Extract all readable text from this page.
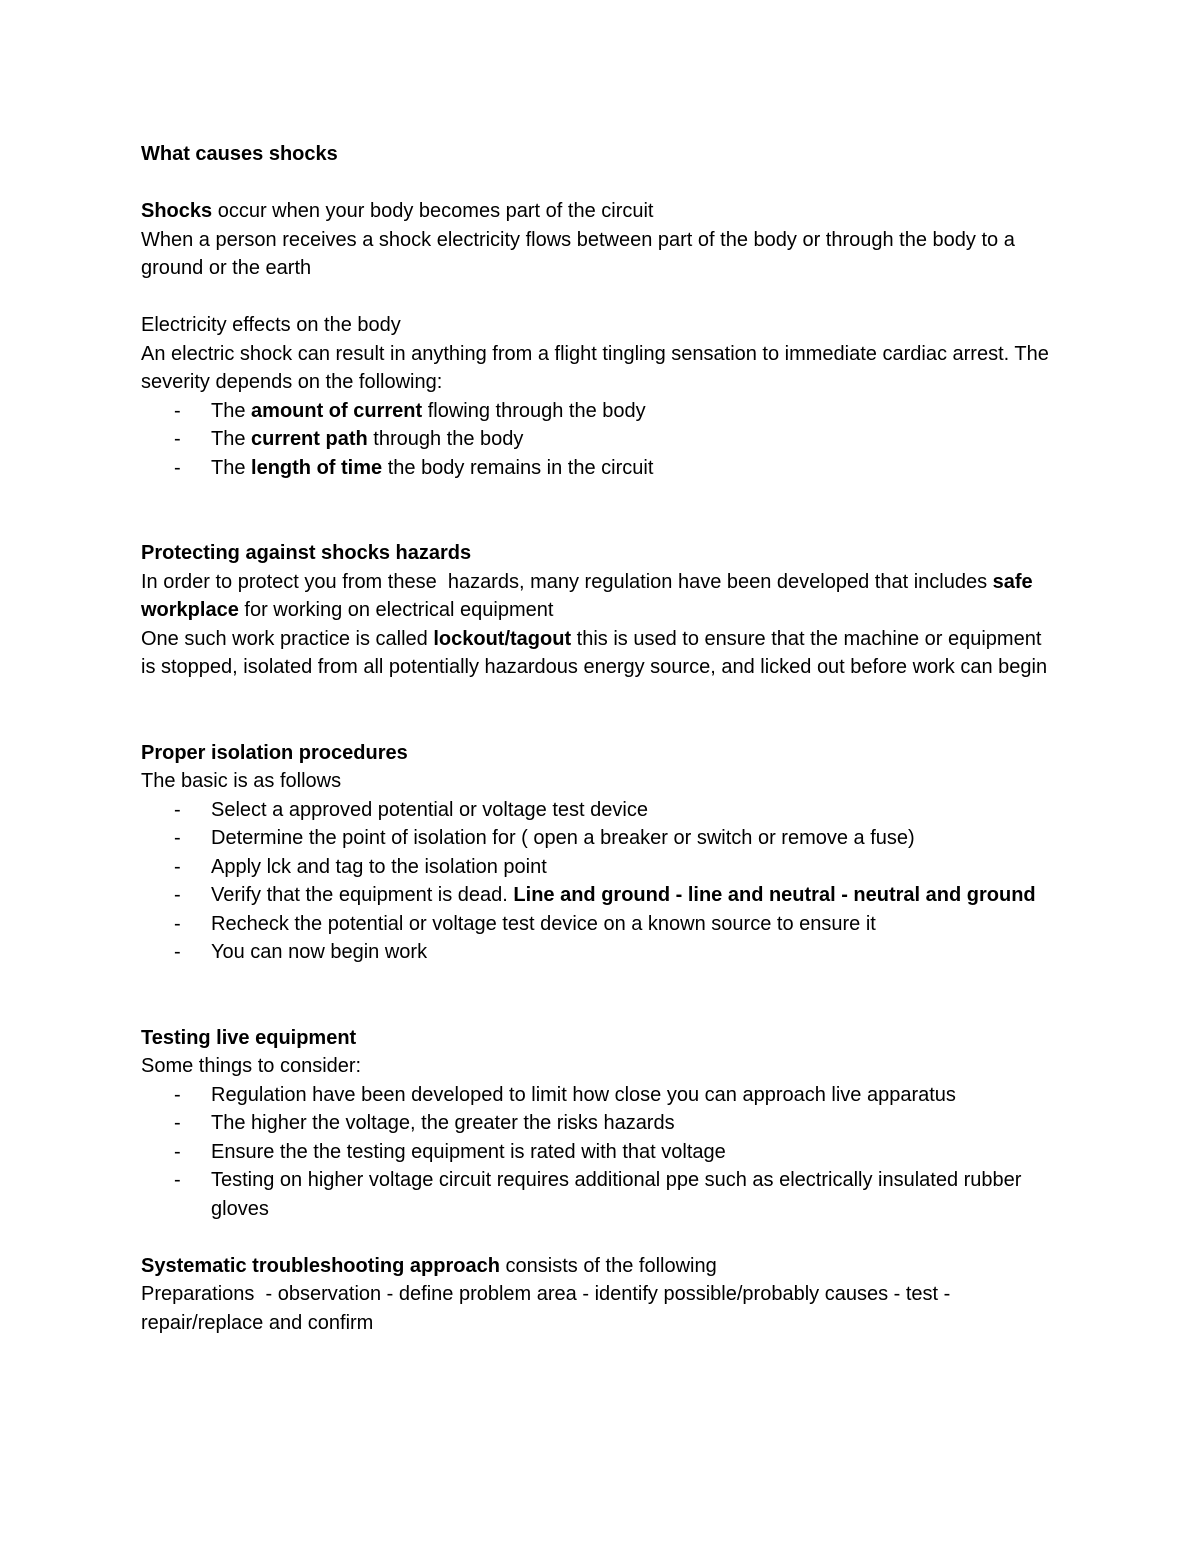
What causes shocks
Shocks occur when your body becomes part of the circuit
When a person receives a shock electricity flows between part of the body or through the body to a ground or the earth
Electricity effects on the body
An electric shock can result in anything from a flight tingling sensation to immediate cardiac arrest. The severity depends on the following:
- The amount of current flowing through the body
- The current path through the body
- The length of time the body remains in the circuit
Protecting against shocks hazards
In order to protect you from these  hazards, many regulation have been developed that includes safe workplace for working on electrical equipment
One such work practice is called lockout/tagout this is used to ensure that the machine or equipment is stopped, isolated from all potentially hazardous energy source, and licked out before work can begin
Proper isolation procedures
The basic is as follows
- Select a approved potential or voltage test device
- Determine the point of isolation for ( open a breaker or switch or remove a fuse)
- Apply lck and tag to the isolation point
- Verify that the equipment is dead. Line and ground - line and neutral - neutral and ground
- Recheck the potential or voltage test device on a known source to ensure it
- You can now begin work
Testing live equipment
Some things to consider:
- Regulation have been developed to limit how close you can approach live apparatus
- The higher the voltage, the greater the risks hazards
- Ensure the the testing equipment is rated with that voltage
- Testing on higher voltage circuit requires additional ppe such as electrically insulated rubber gloves
Systematic troubleshooting approach consists of the following
Preparations  - observation - define problem area - identify possible/probably causes - test - repair/replace and confirm
